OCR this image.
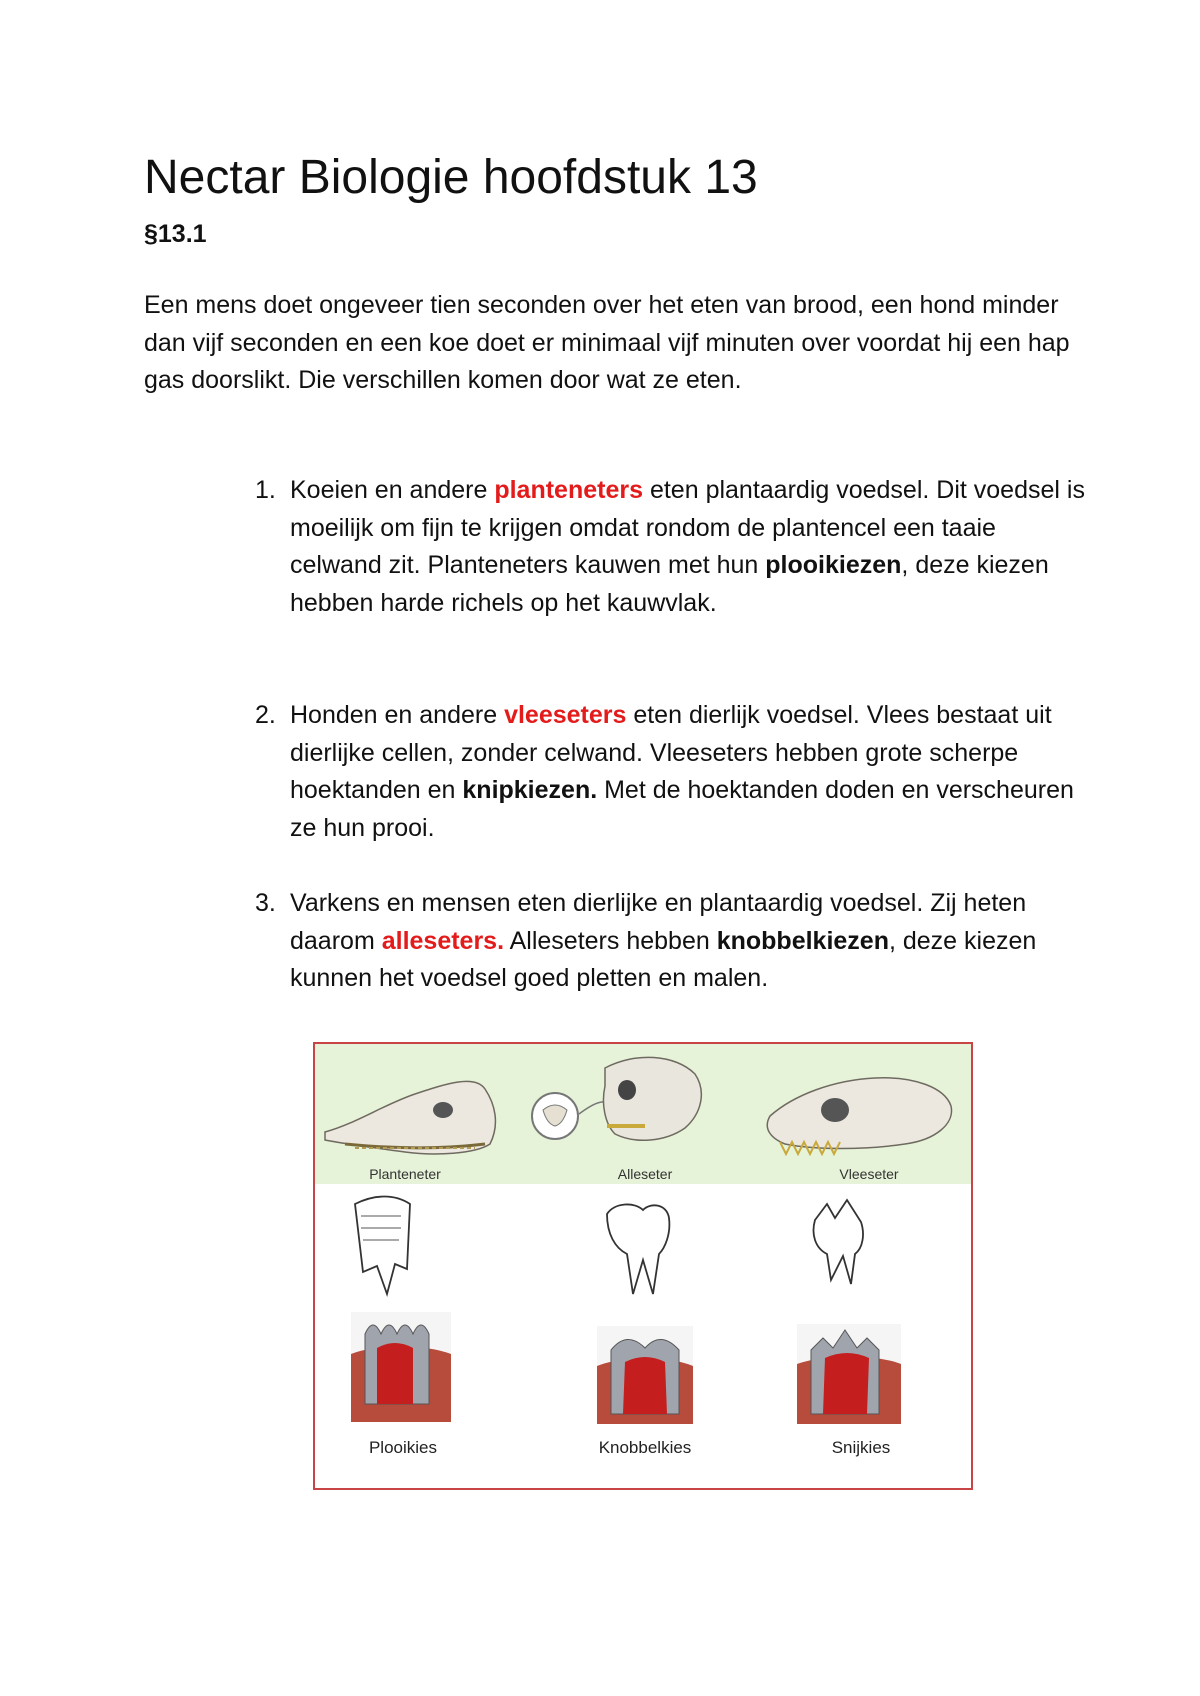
Nectar Biologie hoofdstuk 13
§13.1

Een mens doet ongeveer tien seconden over het eten van brood, een hond minder dan vijf seconden en een koe doet er minimaal vijf minuten over voordat hij een hap gas doorslikt. Die verschillen komen door wat ze eten.

1. Koeien en andere planteneters eten plantaardig voedsel. Dit voedsel is moeilijk om fijn te krijgen omdat rondom de plantencel een taaie celwand zit. Planteneters kauwen met hun plooikiezen, deze kiezen hebben harde richels op het kauwvlak.
2. Honden en andere vleeseters eten dierlijk voedsel. Vlees bestaat uit dierlijke cellen, zonder celwand. Vleeseters hebben grote scherpe hoektanden en knipkiezen. Met de hoektanden doden en verscheuren ze hun prooi.
3. Varkens en mensen eten dierlijke en plantaardig voedsel. Zij heten daarom alleseters. Alleseters hebben knobbelkiezen, deze kiezen kunnen het voedsel goed pletten en malen.
Planteneter	Alleseter	Vleeseter
Plooikies	Knobbelkies	Snijkies
